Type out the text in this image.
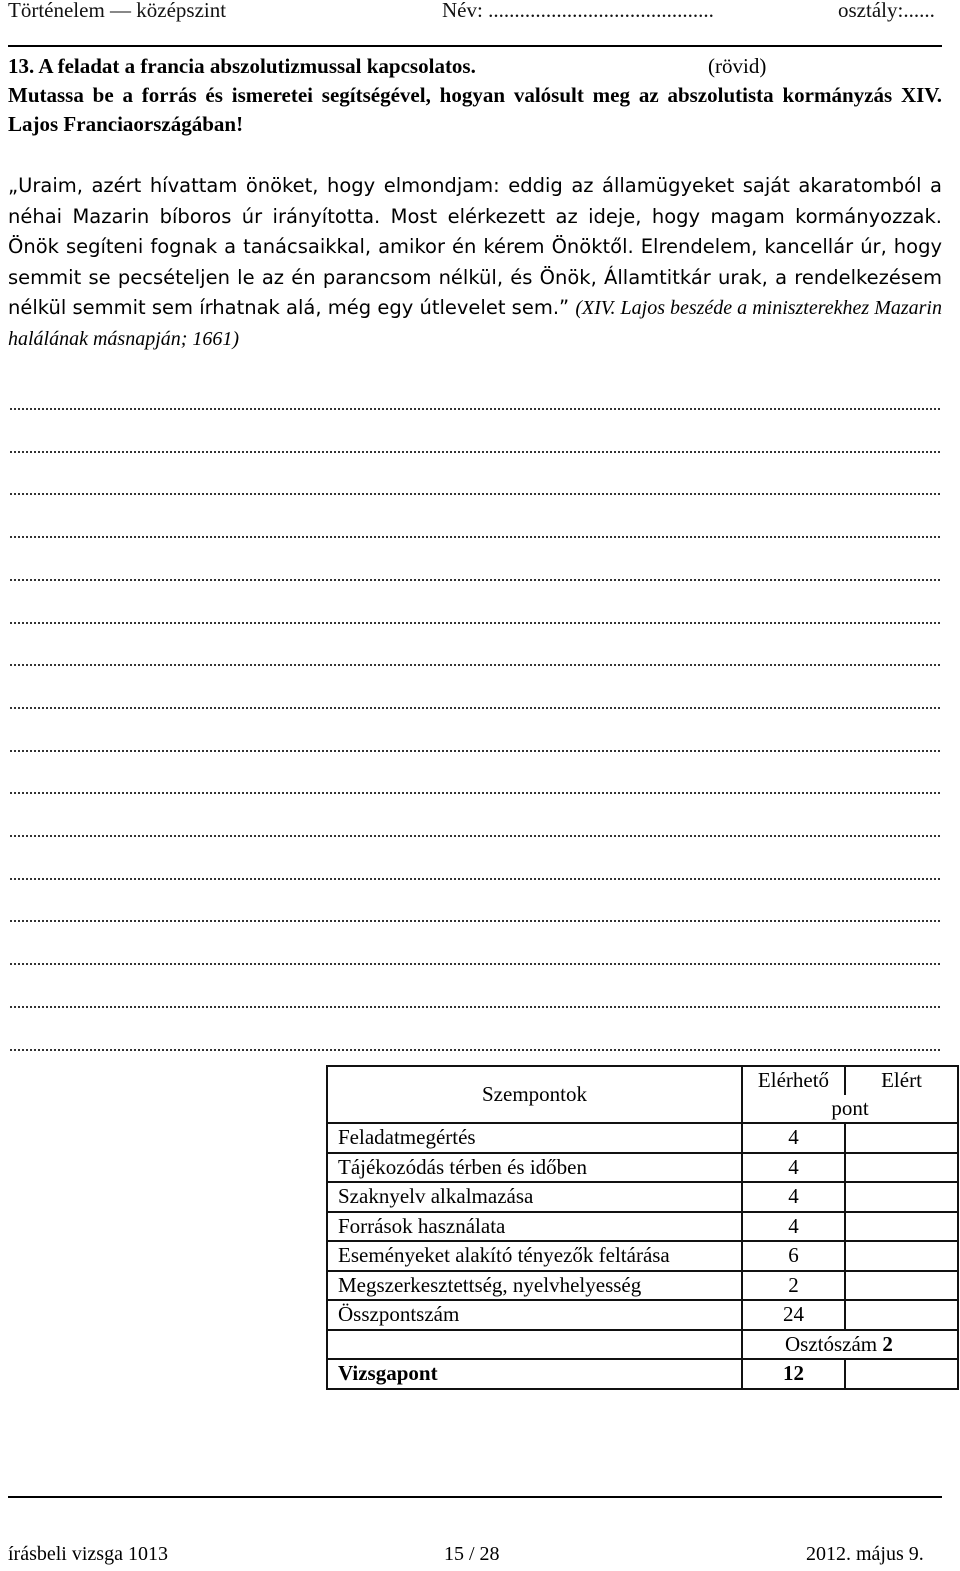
Történelem — középszint	Név: ...........................................	osztály:......
13. A feladat a francia abszolutizmussal kapcsolatos.	(rövid)
Mutassa be a forrás és ismeretei segítségével, hogyan valósult meg az abszolutista kormányzás XIV. Lajos Franciaországában!
„Uraim, azért hívattam önöket, hogy elmondjam: eddig az államügyeket saját akaratomból a néhai Mazarin bíboros úr irányította. Most elérkezett az ideje, hogy magam kormányozzak. Önök segíteni fognak a tanácsaikkal, amikor én kérem Önöktől. Elrendelem, kancellár úr, hogy semmit se pecsételjen le az én parancsom nélkül, és Önök, Államtitkár urak, a rendelkezésem nélkül semmit sem írhatnak alá, még egy útlevelet sem.” (XIV. Lajos beszéde a miniszterekhez Mazarin halálának másnapján; 1661)
Szempontok	Elérhető	Elért
	pont	
Feladatmegértés	4	
Tájékozódás térben és időben	4	
Szaknyelv alkalmazása	4	
Források használata	4	
Eseményeket alakító tényezők feltárása	6	
Megszerkesztettség, nyelvhelyesség	2	
Összpontszám	24	
	Osztószám 2	
Vizsgapont	12	
írásbeli vizsga 1013	15 / 28	2012. május 9.
